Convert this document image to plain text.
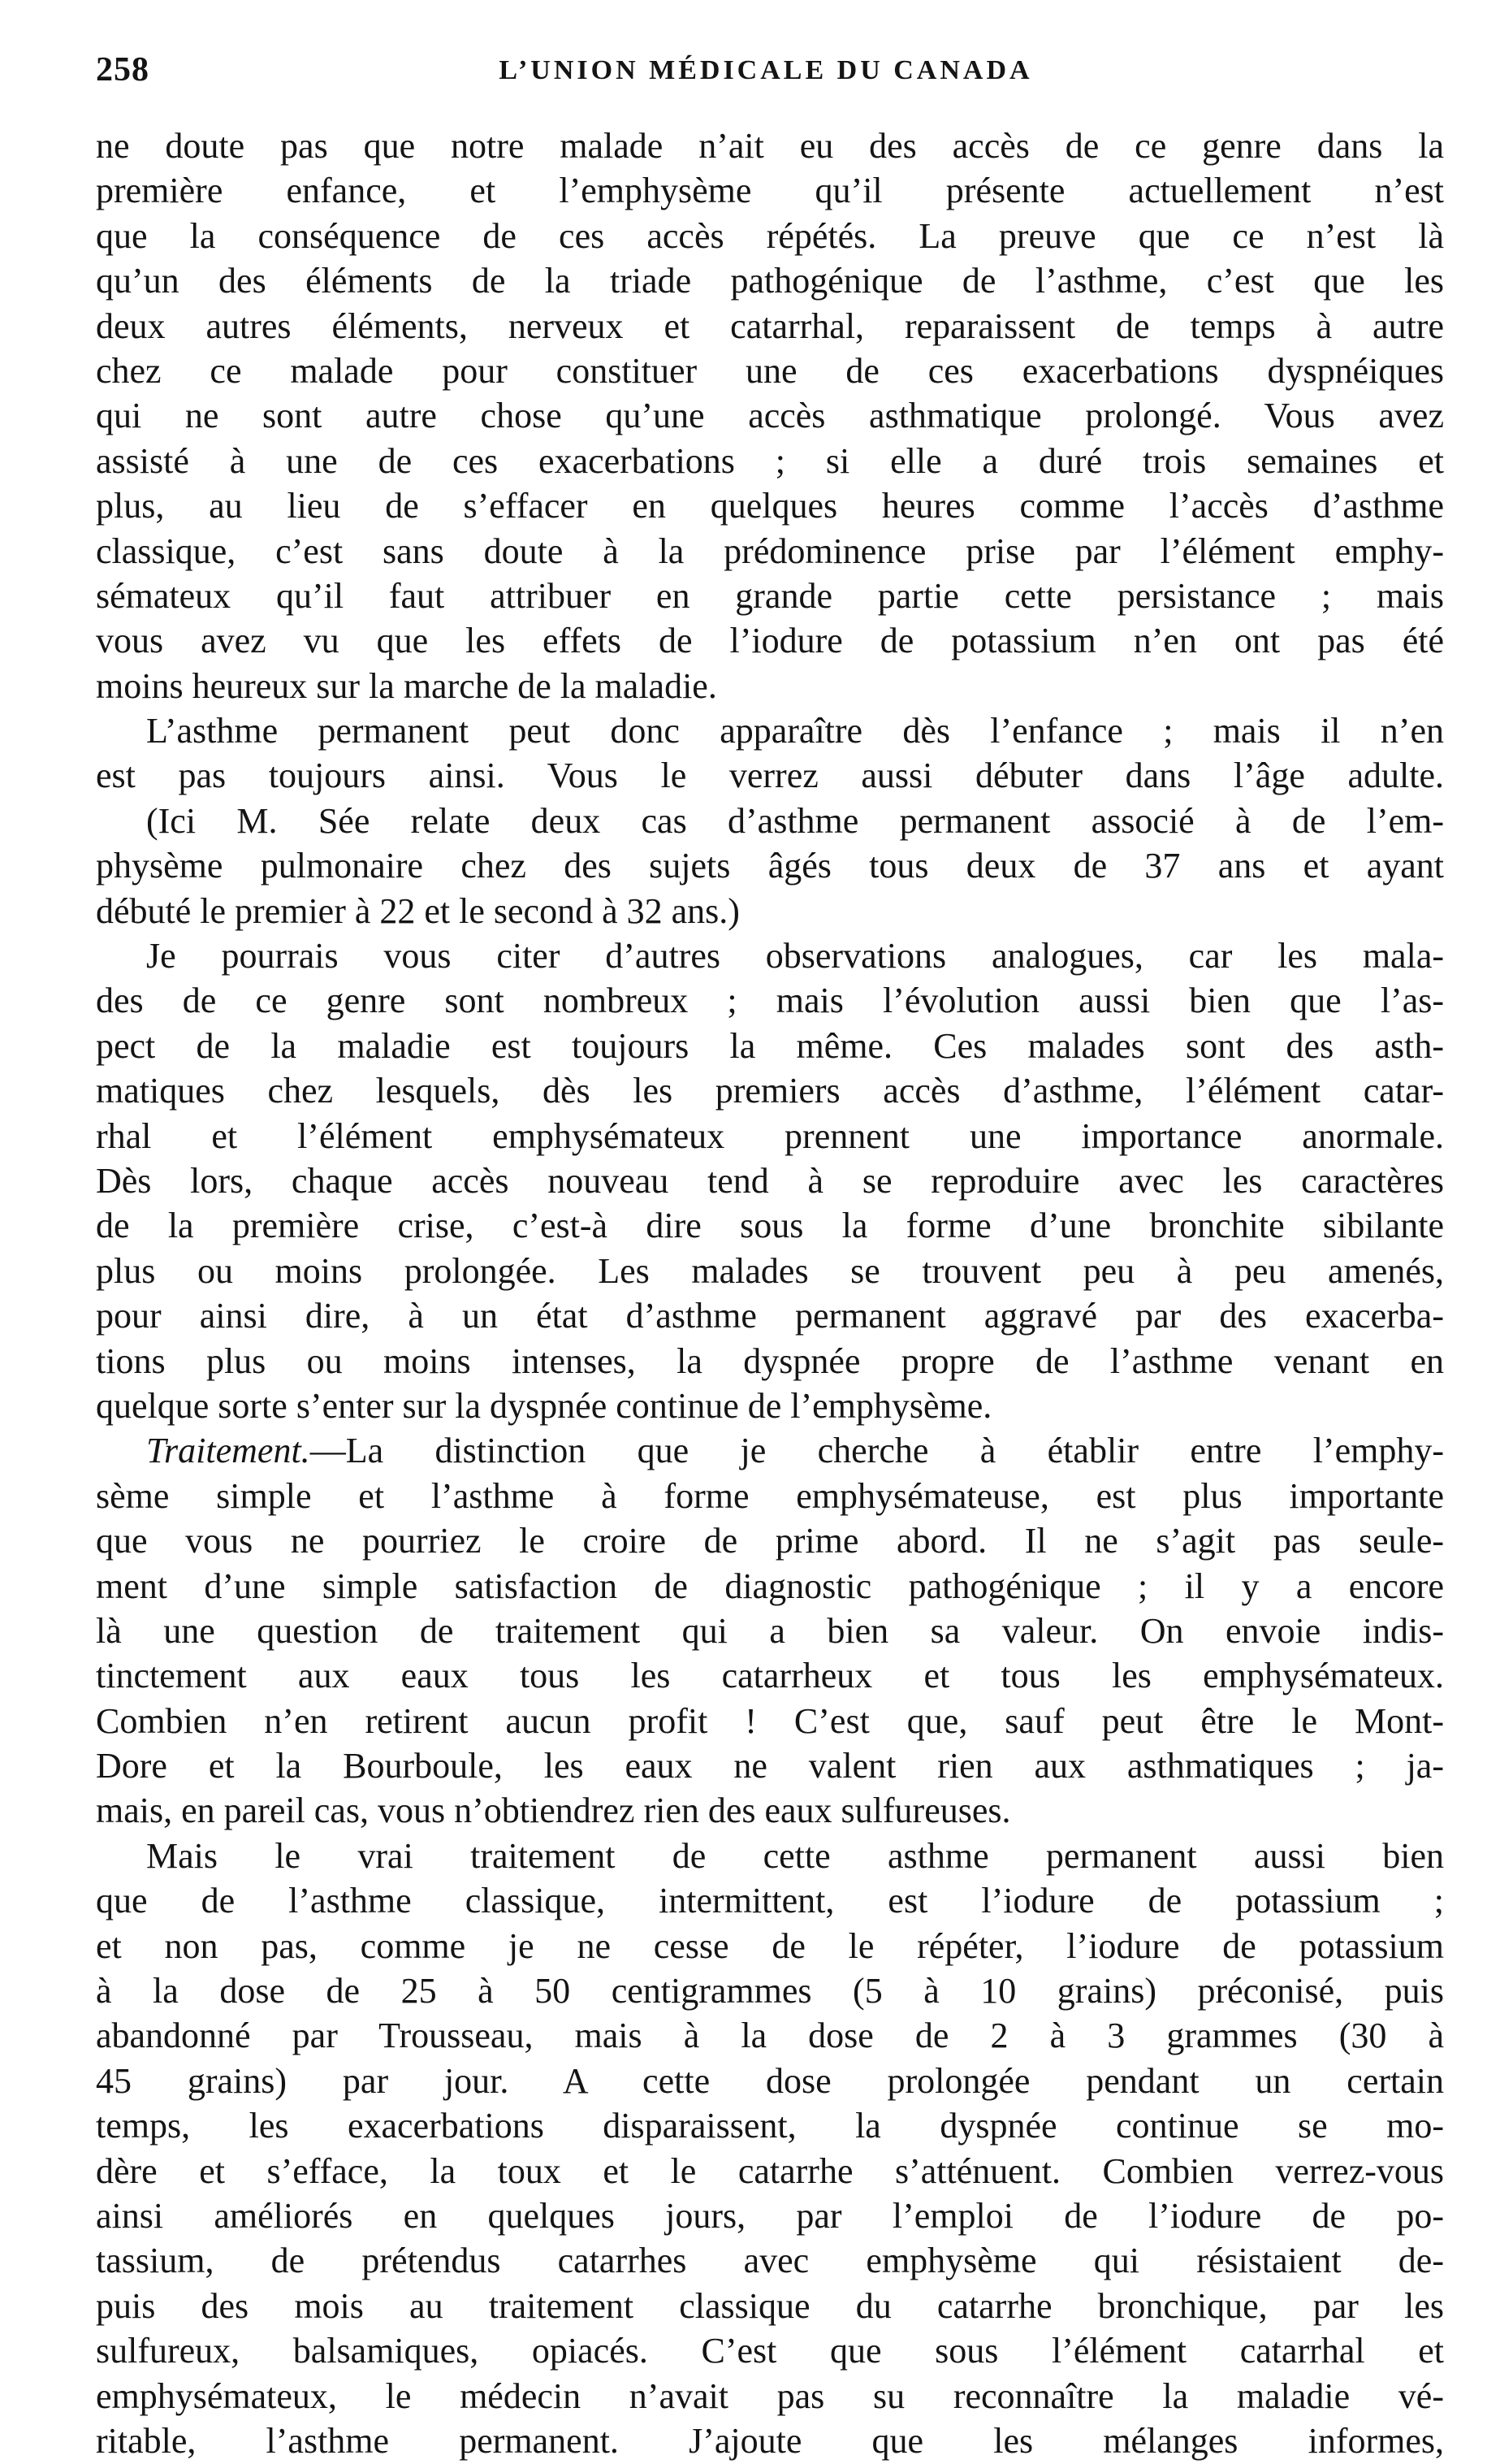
258	L’UNION MÉDICALE DU CANADA
ne doute pas que notre malade n’ait eu des accès de ce genre dans la
première enfance, et l’emphysème qu’il présente actuellement n’est
que la conséquence de ces accès répétés. La preuve que ce n’est là
qu’un des éléments de la triade pathogénique de l’asthme, c’est que les
deux autres éléments, nerveux et catarrhal, reparaissent de temps à autre
chez ce malade pour constituer une de ces exacerbations dyspnéiques
qui ne sont autre chose qu’une accès asthmatique prolongé. Vous avez
assisté à une de ces exacerbations ; si elle a duré trois semaines et
plus, au lieu de s’effacer en quelques heures comme l’accès d’asthme
classique, c’est sans doute à la prédominence prise par l’élément emphy-
sémateux qu’il faut attribuer en grande partie cette persistance ; mais
vous avez vu que les effets de l’iodure de potassium n’en ont pas été
moins heureux sur la marche de la maladie.
L’asthme permanent peut donc apparaître dès l’enfance ; mais il n’en
est pas toujours ainsi. Vous le verrez aussi débuter dans l’âge adulte.
(Ici M. Sée relate deux cas d’asthme permanent associé à de l’em-
physème pulmonaire chez des sujets âgés tous deux de 37 ans et ayant
débuté le premier à 22 et le second à 32 ans.)
Je pourrais vous citer d’autres observations analogues, car les mala-
des de ce genre sont nombreux ; mais l’évolution aussi bien que l’as-
pect de la maladie est toujours la même. Ces malades sont des asth-
matiques chez lesquels, dès les premiers accès d’asthme, l’élément catar-
rhal et l’élément emphysémateux prennent une importance anormale.
Dès lors, chaque accès nouveau tend à se reproduire avec les caractères
de la première crise, c’est-à dire sous la forme d’une bronchite sibilante
plus ou moins prolongée. Les malades se trouvent peu à peu amenés,
pour ainsi dire, à un état d’asthme permanent aggravé par des exacerba-
tions plus ou moins intenses, la dyspnée propre de l’asthme venant en
quelque sorte s’enter sur la dyspnée continue de l’emphysème.
Traitement.—La distinction que je cherche à établir entre l’emphy-
sème simple et l’asthme à forme emphysémateuse, est plus importante
que vous ne pourriez le croire de prime abord. Il ne s’agit pas seule-
ment d’une simple satisfaction de diagnostic pathogénique ; il y a encore
là une question de traitement qui a bien sa valeur. On envoie indis-
tinctement aux eaux tous les catarrheux et tous les emphysémateux.
Combien n’en retirent aucun profit ! C’est que, sauf peut être le Mont-
Dore et la Bourboule, les eaux ne valent rien aux asthmatiques ; ja-
mais, en pareil cas, vous n’obtiendrez rien des eaux sulfureuses.
Mais le vrai traitement de cette asthme permanent aussi bien
que de l’asthme classique, intermittent, est l’iodure de potassium ;
et non pas, comme je ne cesse de le répéter, l’iodure de potassium
à la dose de 25 à 50 centigrammes (5 à 10 grains) préconisé, puis
abandonné par Trousseau, mais à la dose de 2 à 3 grammes (30 à
45 grains) par jour. A cette dose prolongée pendant un certain
temps, les exacerbations disparaissent, la dyspnée continue se mo-
dère et s’efface, la toux et le catarrhe s’atténuent. Combien verrez-vous
ainsi améliorés en quelques jours, par l’emploi de l’iodure de po-
tassium, de prétendus catarrhes avec emphysème qui résistaient de-
puis des mois au traitement classique du catarrhe bronchique, par les
sulfureux, balsamiques, opiacés. C’est que sous l’élément catarrhal et
emphysémateux, le médecin n’avait pas su reconnaître la maladie vé-
ritable, l’asthme permanent. J’ajoute que les mélanges informes,
